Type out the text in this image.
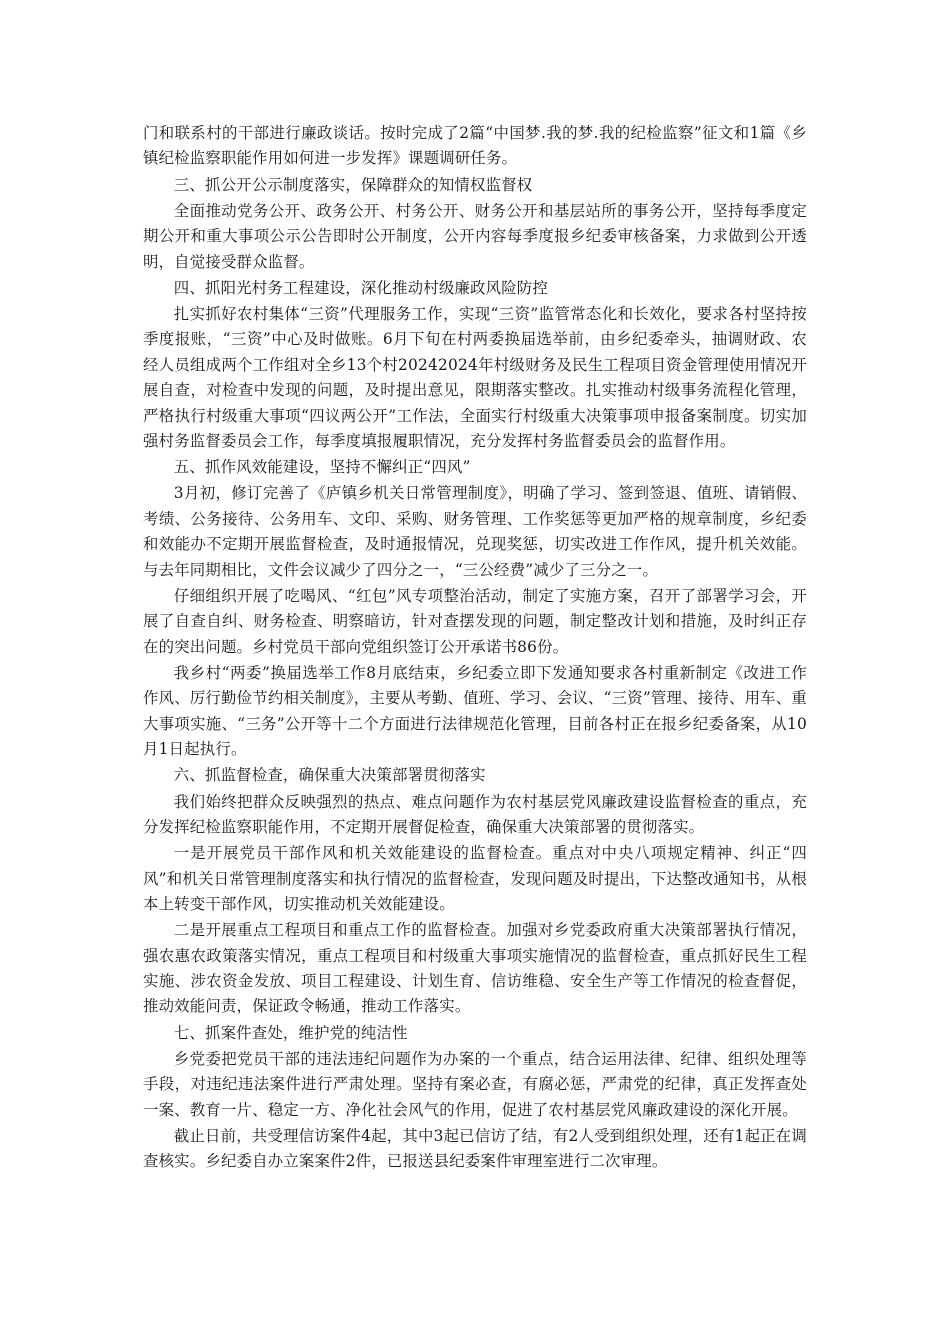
门和联系村的干部进行廉政谈话。按时完成了2篇“中国梦.我的梦.我的纪检监察”征文和1篇《乡镇纪检监察职能作用如何进一步发挥》课题调研任务。

三、抓公开公示制度落实，保障群众的知情权监督权

全面推动党务公开、政务公开、村务公开、财务公开和基层站所的事务公开，坚持每季度定期公开和重大事项公示公告即时公开制度，公开内容每季度报乡纪委审核备案，力求做到公开透明，自觉接受群众监督。

四、抓阳光村务工程建设，深化推动村级廉政风险防控

扎实抓好农村集体“三资”代理服务工作，实现“三资”监管常态化和长效化，要求各村坚持按季度报账，“三资”中心及时做账。6月下旬在村两委换届选举前，由乡纪委牵头，抽调财政、农经人员组成两个工作组对全乡13个村20242024年村级财务及民生工程项目资金管理使用情况开展自查，对检查中发现的问题，及时提出意见，限期落实整改。扎实推动村级事务流程化管理，严格执行村级重大事项“四议两公开”工作法，全面实行村级重大决策事项申报备案制度。切实加强村务监督委员会工作，每季度填报履职情况，充分发挥村务监督委员会的监督作用。

五、抓作风效能建设，坚持不懈纠正“四风”

3月初，修订完善了《庐镇乡机关日常管理制度》，明确了学习、签到签退、值班、请销假、考绩、公务接待、公务用车、文印、采购、财务管理、工作奖惩等更加严格的规章制度，乡纪委和效能办不定期开展监督检查，及时通报情况，兑现奖惩，切实改进工作作风，提升机关效能。与去年同期相比，文件会议减少了四分之一，“三公经费”减少了三分之一。

仔细组织开展了吃喝风、“红包”风专项整治活动，制定了实施方案，召开了部署学习会，开展了自查自纠、财务检查、明察暗访，针对查摆发现的问题，制定整改计划和措施，及时纠正存在的突出问题。乡村党员干部向党组织签订公开承诺书86份。

我乡村“两委”换届选举工作8月底结束，乡纪委立即下发通知要求各村重新制定《改进工作作风、厉行勤俭节约相关制度》，主要从考勤、值班、学习、会议、“三资”管理、接待、用车、重大事项实施、“三务”公开等十二个方面进行法律规范化管理，目前各村正在报乡纪委备案，从10月1日起执行。

六、抓监督检查，确保重大决策部署贯彻落实

我们始终把群众反映强烈的热点、难点问题作为农村基层党风廉政建设监督检查的重点，充分发挥纪检监察职能作用，不定期开展督促检查，确保重大决策部署的贯彻落实。

一是开展党员干部作风和机关效能建设的监督检查。重点对中央八项规定精神、纠正“四风”和机关日常管理制度落实和执行情况的监督检查，发现问题及时提出，下达整改通知书，从根本上转变干部作风，切实推动机关效能建设。

二是开展重点工程项目和重点工作的监督检查。加强对乡党委政府重大决策部署执行情况，强农惠农政策落实情况，重点工程项目和村级重大事项实施情况的监督检查，重点抓好民生工程实施、涉农资金发放、项目工程建设、计划生育、信访维稳、安全生产等工作情况的检查督促，推动效能问责，保证政令畅通，推动工作落实。

七、抓案件查处，维护党的纯洁性

乡党委把党员干部的违法违纪问题作为办案的一个重点，结合运用法律、纪律、组织处理等手段，对违纪违法案件进行严肃处理。坚持有案必查，有腐必惩，严肃党的纪律，真正发挥查处一案、教育一片、稳定一方、净化社会风气的作用，促进了农村基层党风廉政建设的深化开展。

截止日前，共受理信访案件4起，其中3起已信访了结，有2人受到组织处理，还有1起正在调查核实。乡纪委自办立案案件2件，已报送县纪委案件审理室进行二次审理。
